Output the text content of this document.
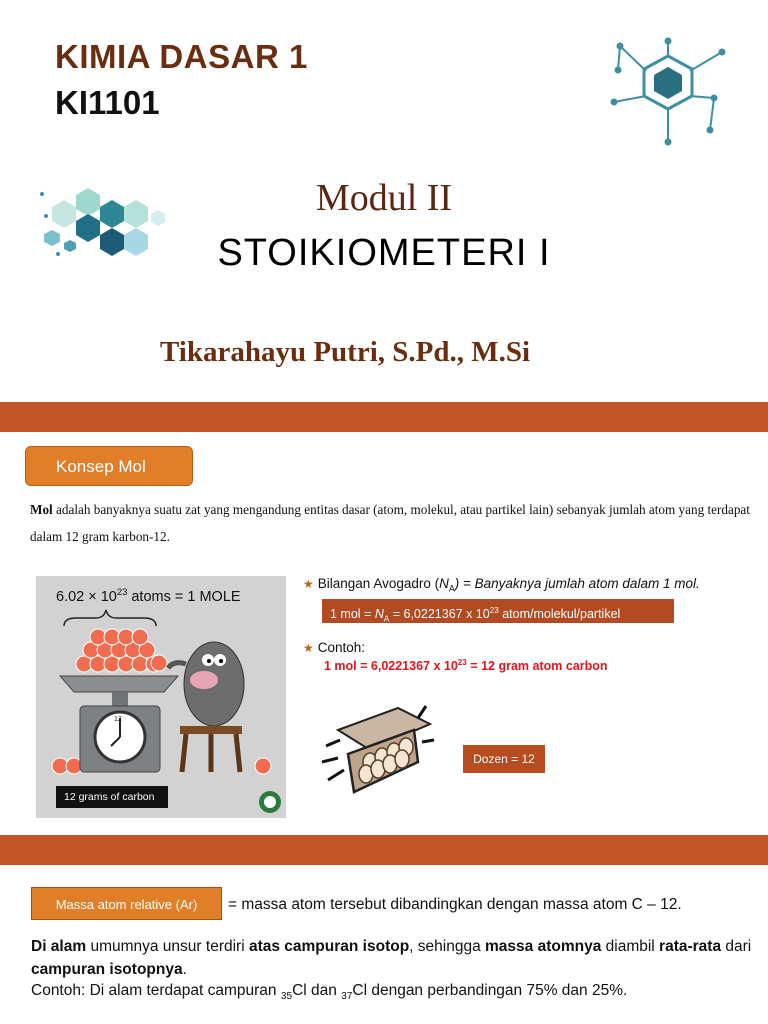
KIMIA DASAR 1
KI1101
Modul II
STOIKIOMETERI I
Tikarahayu Putri, S.Pd., M.Si
Konsep Mol
Mol adalah banyaknya suatu zat yang mengandung entitas dasar (atom, molekul, atau partikel lain) sebanyak jumlah atom yang terdapat dalam 12 gram karbon-12.
$6.02 \times 10^{23}$ atoms = 1 MOLE
12
12 grams of carbon
★ Bilangan Avogadro $(N_A)$ = Banyaknya jumlah atom dalam 1 mol.
1 mol = $N_A = 6,0221367$ x $10^{23}$ atom/molekul/partikel
★ Contoh:
1 mol = 6,0221367 x $10^{23} = 12$ gram atom carbon
Dozen = 12
Massa atom relative (Ar)	= massa atom tersebut dibandingkan dengan massa atom C – 12.
Di alam umumnya unsur terdiri atas campuran isotop, sehingga massa atomnya diambil rata-rata dari campuran isotopnya.
Contoh: Di alam terdapat campuran $_{35}$Cl dan $_{37}$Cl dengan perbandingan 75% dan 25%.
